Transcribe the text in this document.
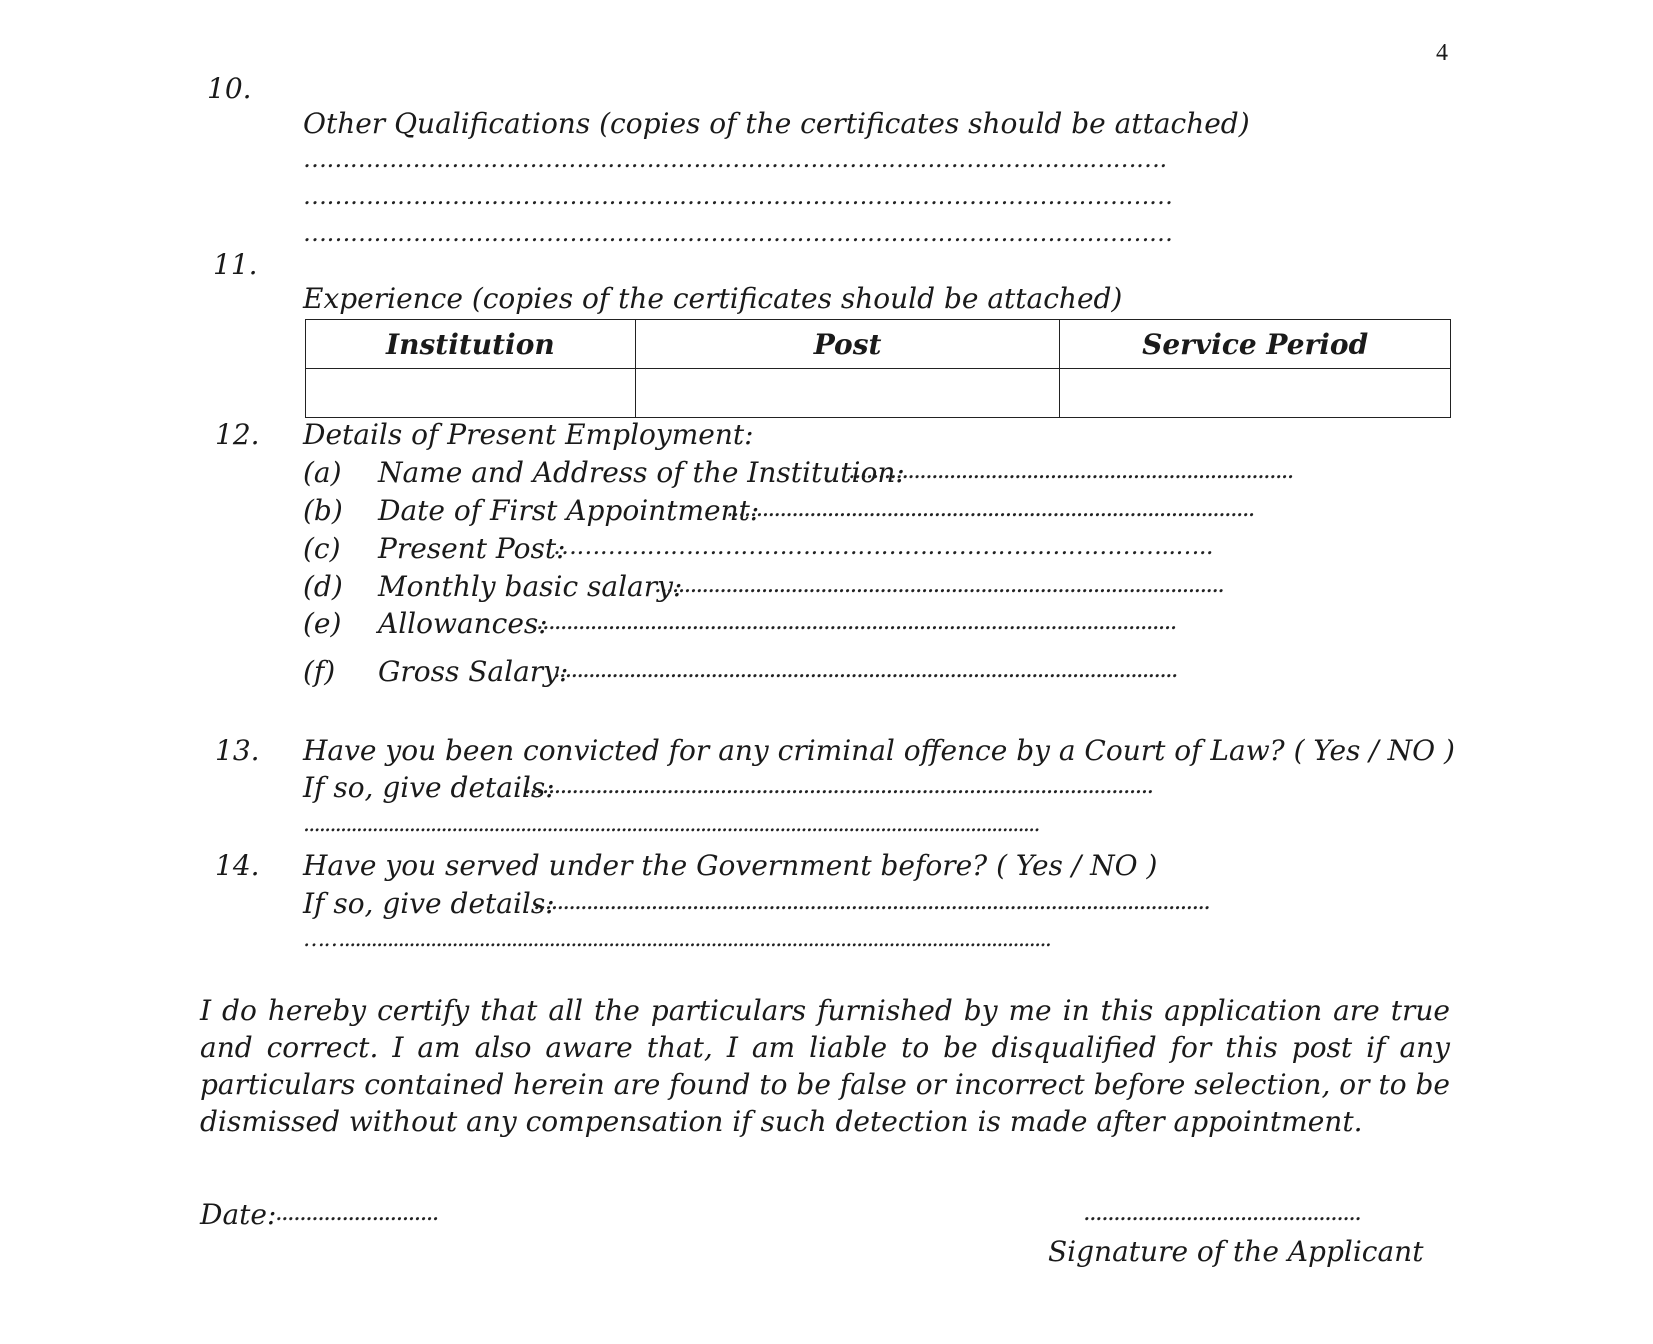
4
10.
Other Qualifications (copies of the certificates should be attached)
………………………………………………………………………………………..……….
…………………………………………………………………………………………………
…………………………………………………………………………………………………
11.
Experience (copies of the certificates should be attached)
Institution	Post	Service Period

12. Details of Present Employment:
(a) Name and Address of the Institution:
...........................................................................
(b) Date of First Appointment:
.........................................................................................
(c) Present Post:
……………………………………………………………………..…..
(d) Monthly basic salary:
................................................................................................
(e) Allowances:
...........................................................................................................
(f) Gross Salary:
...........................................................................................................
13. Have you been convicted for any criminal offence by a Court of Law? ( Yes / NO )
If so, give details:
..........................................................................................................
...........................................................................................................................................
14. Have you served under the Government before? ( Yes / NO )
If so, give details:
...................................................................................................................
……...................................................................................................................................
I do hereby certify that all the particulars furnished by me in this application are true and correct. I am also aware that, I am liable to be disqualified for this post if any particulars contained herein are found to be false or incorrect before selection, or to be dismissed without any compensation if such detection is made after appointment.
Date:
...........................	..............................................
Signature of the Applicant
